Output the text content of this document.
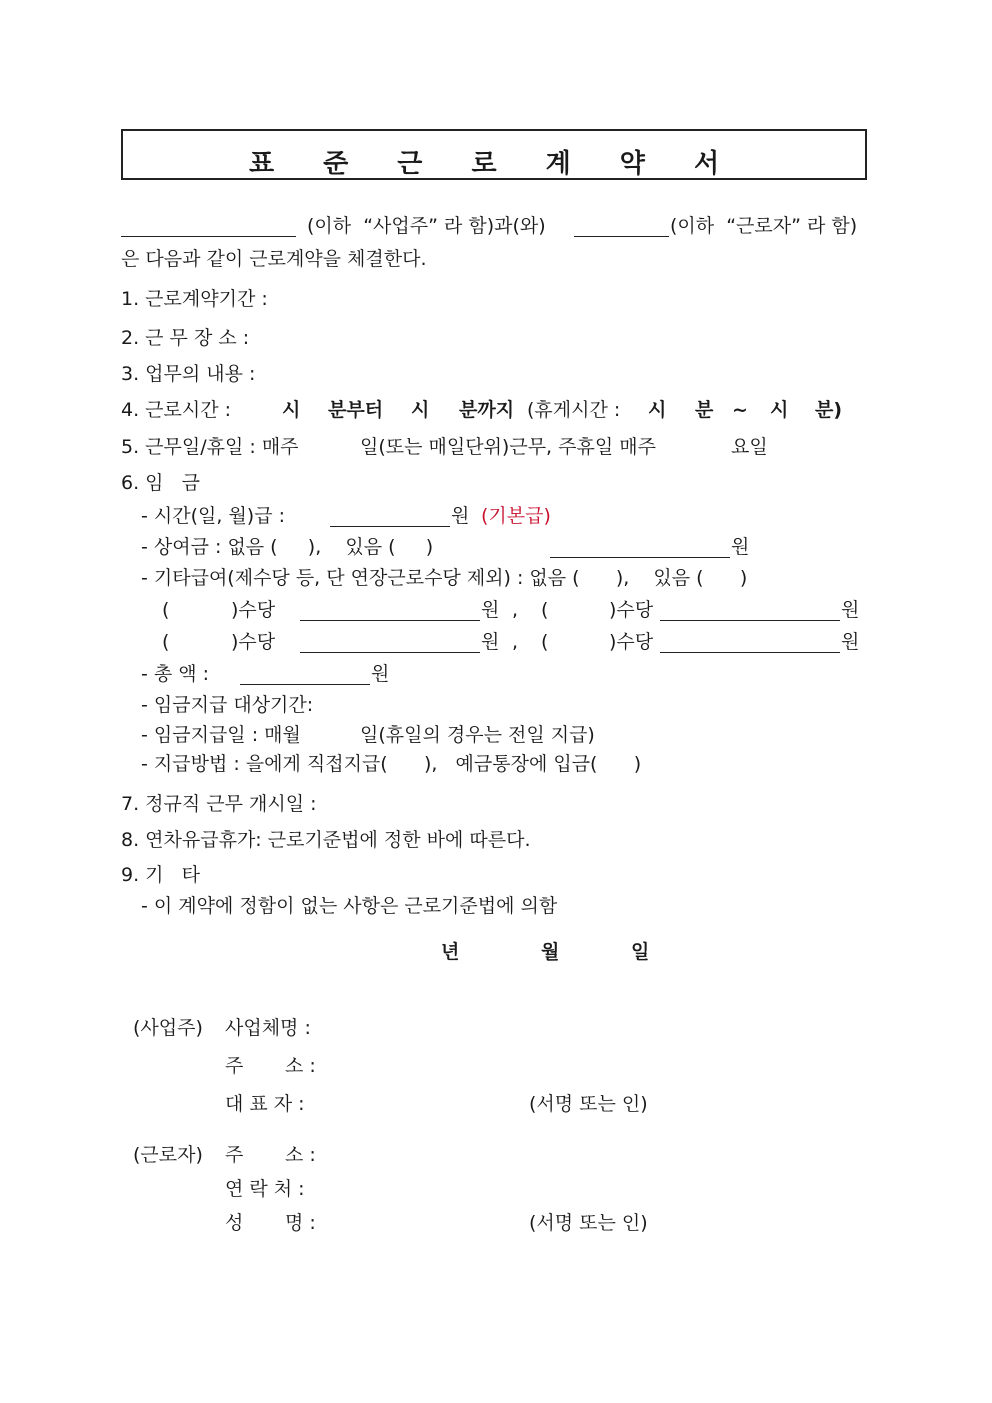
표 준 근 로 계 약 서
(이하  “사업주” 라 함)과(와)	(이하  “근로자” 라 함)
은 다음과 같이 근로계약을 체결한다.
1. 근로계약기간 :
2. 근 무 장 소 :
3. 업무의 내용 :
4. 근로시간 :	시 분부터 시 분까지 (휴게시간 : 시 분 ~ 시 분)
5. 근무일/휴일 : 매주	일(또는 매일단위)근무, 주휴일 매주	요일
6. 임   금
- 시간(일, 월)급 :	원 (기본급)
- 상여금 : 없음 (     ),    있음 (     )	원
- 기타급여(제수당 등, 단 연장근로수당 제외) : 없음 (      ),    있음 (      )
(	)수당	원 , (	)수당	원
(	)수당	원 , (	)수당	원
- 총 액 :	원
- 임금지급 대상기간:
- 임금지급일 : 매월	일(휴일의 경우는 전일 지급)
- 지급방법 : 을에게 직접지급(      ),   예금통장에 입금(      )
7. 정규직 근무 개시일 :
8. 연차유급휴가: 근로기준법에 정한 바에 따른다.
9. 기   타
- 이 계약에 정함이 없는 사항은 근로기준법에 의함
년	월	일
(사업주) 사업체명 :
주 소 :
대 표 자 :	(서명 또는 인)
(근로자) 주 소 :
연 락 처 :
성 명 :	(서명 또는 인)
